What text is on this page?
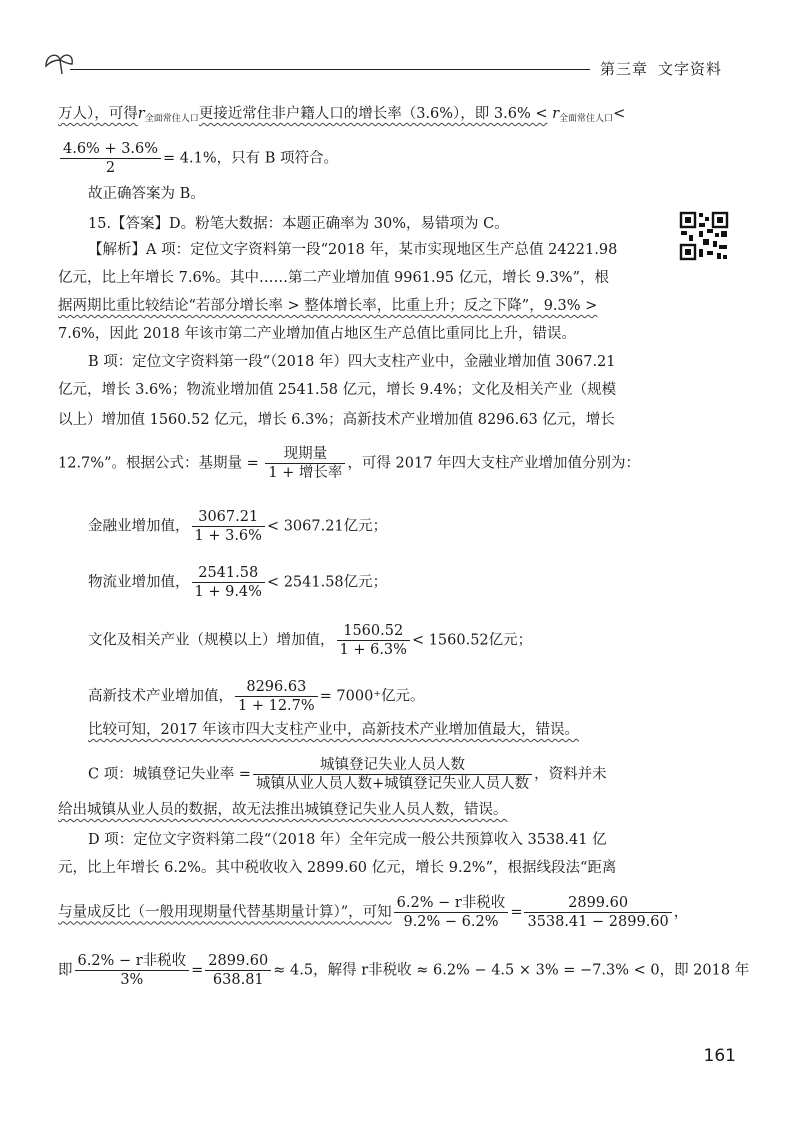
第三章 文字资料
万人），可得$r_{全面常住人口}$更接近常住非户籍人口的增长率（3.6%），即 $3.6\% < r_{全面常住人口}<$
$\frac{4.6\% + 3.6\%}{2} = 4.1\%$，只有 B 项符合。
故正确答案为 B。
15.【答案】D。粉笔大数据：本题正确率为 30%，易错项为 C。
【解析】A 项：定位文字资料第一段“2018 年，某市实现地区生产总值 24221.98
亿元，比上年增长 7.6%。其中……第二产业增加值 9961.95 亿元，增长 9.3%”，根
据两期比重比较结论“若部分增长率 > 整体增长率，比重上升；反之下降”，9.3% >
7.6%，因此 2018 年该市第二产业增加值占地区生产总值比重同比上升，错误。
B 项：定位文字资料第一段“（2018 年）四大支柱产业中，金融业增加值 3067.21
亿元，增长 3.6%；物流业增加值 2541.58 亿元，增长 9.4%；文化及相关产业（规模
以上）增加值 1560.52 亿元，增长 6.3%；高新技术产业增加值 8296.63 亿元，增长
12.7%”。根据公式：基期量 = $\frac{\text{现期量}}{\text{1 + 增长率}}$ ，可得 2017 年四大支柱产业增加值分别为：
金融业增加值， $\frac{3067.21}{1 + 3.6\%} < 3067.21$亿元；
物流业增加值， $\frac{2541.58}{1 + 9.4\%} < 2541.58$亿元；
文化及相关产业（规模以上）增加值， $\frac{1560.52}{1 + 6.3\%} < 1560.52$亿元；
高新技术产业增加值， $\frac{8296.63}{1 + 12.7\%} = 7000^+$亿元。
比较可知，2017 年该市四大支柱产业中，高新技术产业增加值最大，错误。
C 项：城镇登记失业率 = $\frac{\text{城镇登记失业人员人数}}{\text{城镇从业人员人数+城镇登记失业人员人数}}$ ，资料并未
给出城镇从业人员的数据，故无法推出城镇登记失业人员人数，错误。
D 项：定位文字资料第二段“（2018 年）全年完成一般公共预算收入 3538.41 亿
元，比上年增长 6.2%。其中税收收入 2899.60 亿元，增长 9.2%”，根据线段法“距离
与量成反比（一般用现期量代替基期量计算）”，可知 $\frac{\text{6.2\% − r非税收}}{9.2\% - 6.2\%} = \frac{2899.60}{3538.41 - 2899.60}$ ，
即 $\frac{\text{6.2\% − r非税收}}{3\%} = \frac{2899.60}{638.81} \approx 4.5$，解得 r非税收 ≈ 6.2% − 4.5 × 3% = −7.3% < 0，即 2018 年
161
